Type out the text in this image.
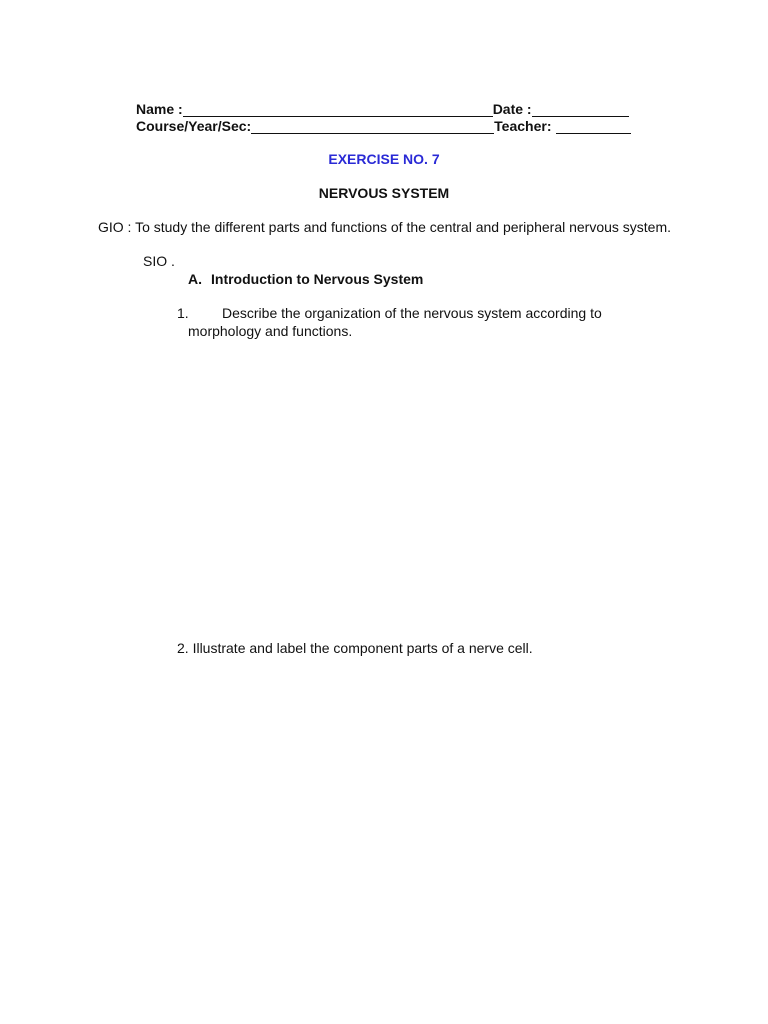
Name :	Date :
Course/Year/Sec:	Teacher:
EXERCISE NO. 7
NERVOUS SYSTEM
GIO : To study the different parts and functions of the central and peripheral nervous system.
SIO .
A. Introduction to Nervous System
1. Describe the organization of the nervous system according to
morphology and functions.
2. Illustrate and label the component parts of a nerve cell.
